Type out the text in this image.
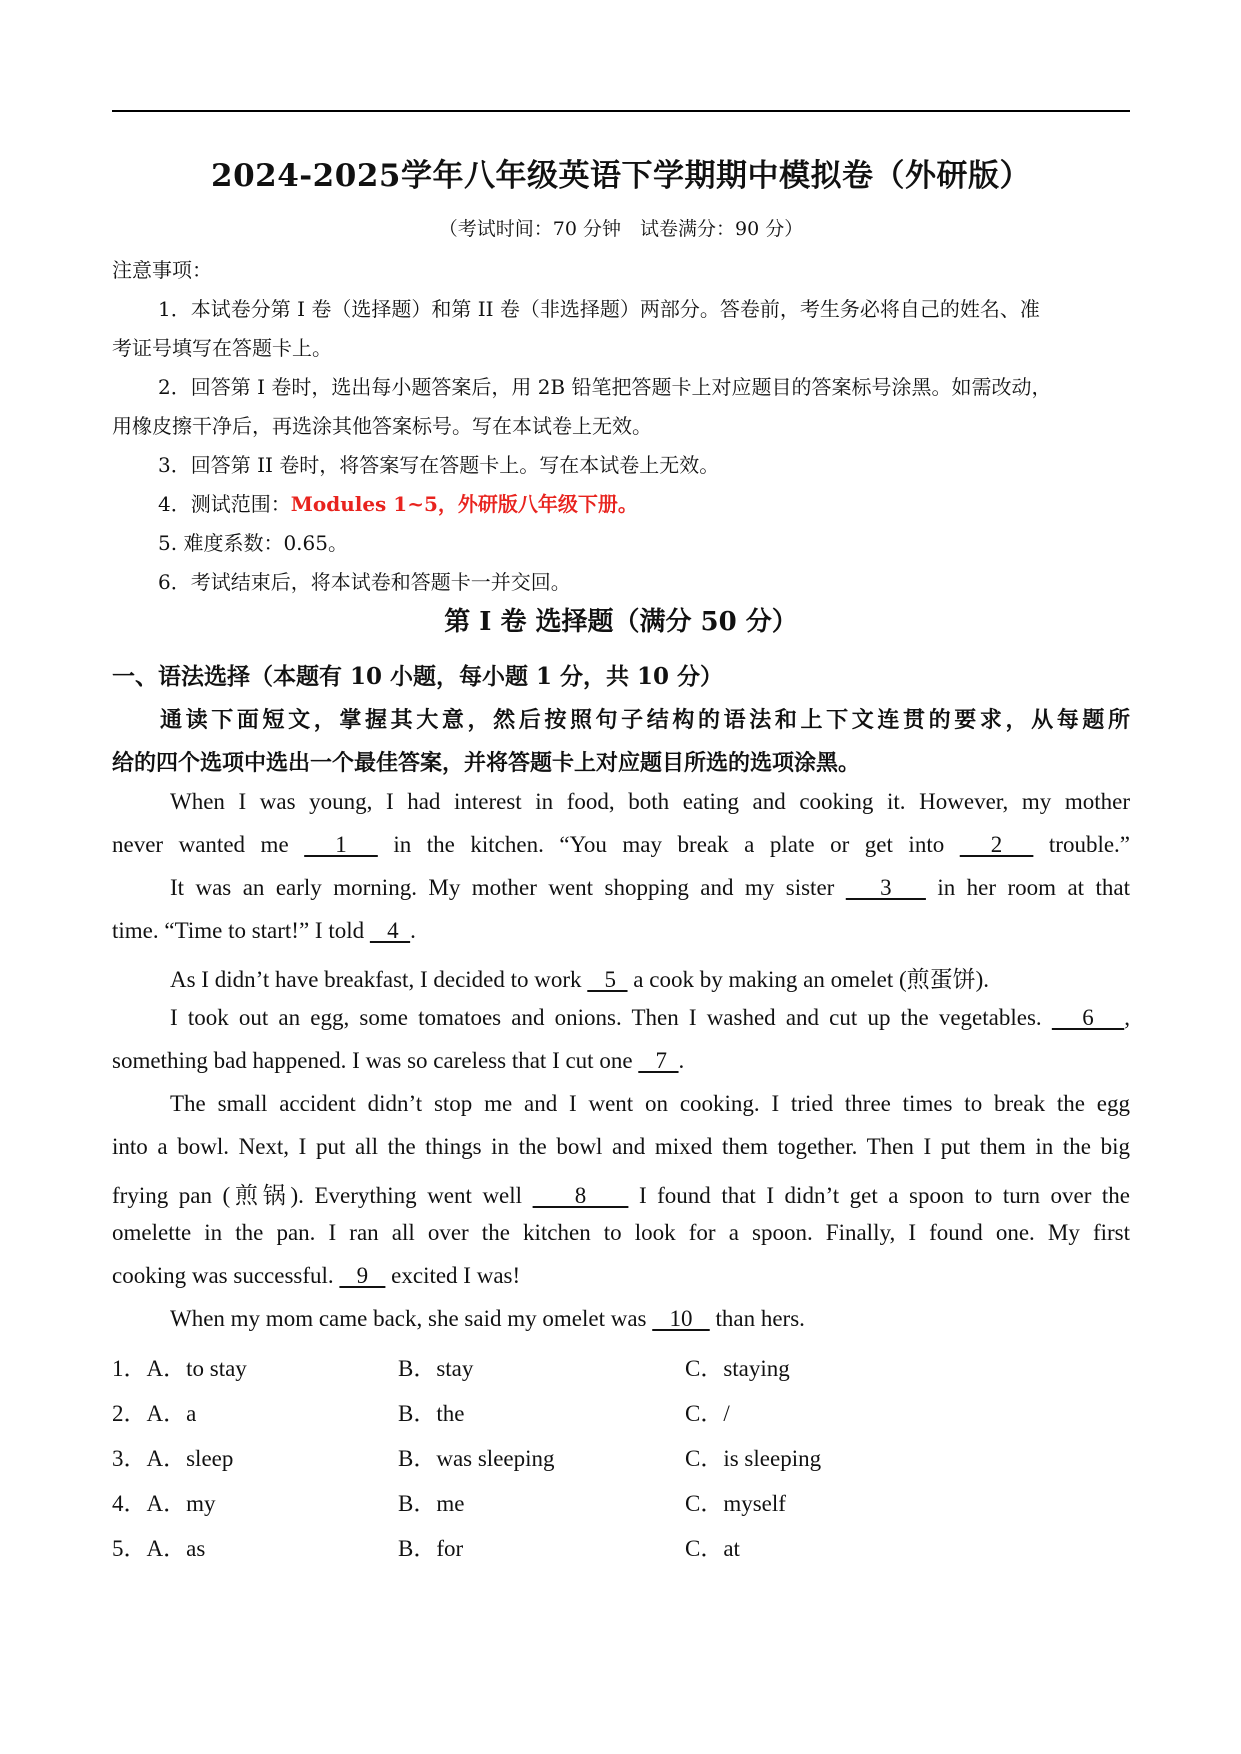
2024-2025学年八年级英语下学期期中模拟卷（外研版）
（考试时间：70 分钟　试卷满分：90 分）
注意事项：
1．本试卷分第 I 卷（选择题）和第 II 卷（非选择题）两部分。答卷前，考生务必将自己的姓名、准
考证号填写在答题卡上。
2．回答第 I 卷时，选出每小题答案后，用 2B 铅笔把答题卡上对应题目的答案标号涂黑。如需改动，
用橡皮擦干净后，再选涂其他答案标号。写在本试卷上无效。
3．回答第 II 卷时，将答案写在答题卡上。写在本试卷上无效。
4．测试范围：Modules 1~5，外研版八年级下册。
5. 难度系数：0.65。
6．考试结束后，将本试卷和答题卡一并交回。
第 I 卷 选择题（满分 50 分）
一、语法选择（本题有 10 小题，每小题 1 分，共 10 分）
通读下面短文，掌握其大意，然后按照句子结构的语法和上下文连贯的要求，从每题所
给的四个选项中选出一个最佳答案，并将答题卡上对应题目所选的选项涂黑。
When I was young, I had interest in food, both eating and cooking it. However, my mother
never wanted me   1   in the kitchen. “You may break a plate or get into   2   trouble.”
It was an early morning. My mother went shopping and my sister    3    in her room at that
time. “Time to start!” I told    4  .
As I didn’t have breakfast, I decided to work    5   a cook by making an omelet (煎蛋饼).
I took out an egg, some tomatoes and onions. Then I washed and cut up the vegetables.    6   ,
something bad happened. I was so careless that I cut one    7  .
The small accident didn’t stop me and I went on cooking. I tried three times to break the egg
into a bowl. Next, I put all the things in the bowl and mixed them together. Then I put them in the big
frying pan (煎锅). Everything went well     8     I found that I didn’t get a spoon to turn over the
omelette in the pan. I ran all over the kitchen to look for a spoon. Finally, I found one. My first
cooking was successful.    9    excited I was!
When my mom came back, she said my omelet was    10    than hers.
1．A．to stay	B．stay	C．staying
2．A．a	B．the	C．/
3．A．sleep	B．was sleeping	C．is sleeping
4．A．my	B．me	C．myself
5．A．as	B．for	C．at
